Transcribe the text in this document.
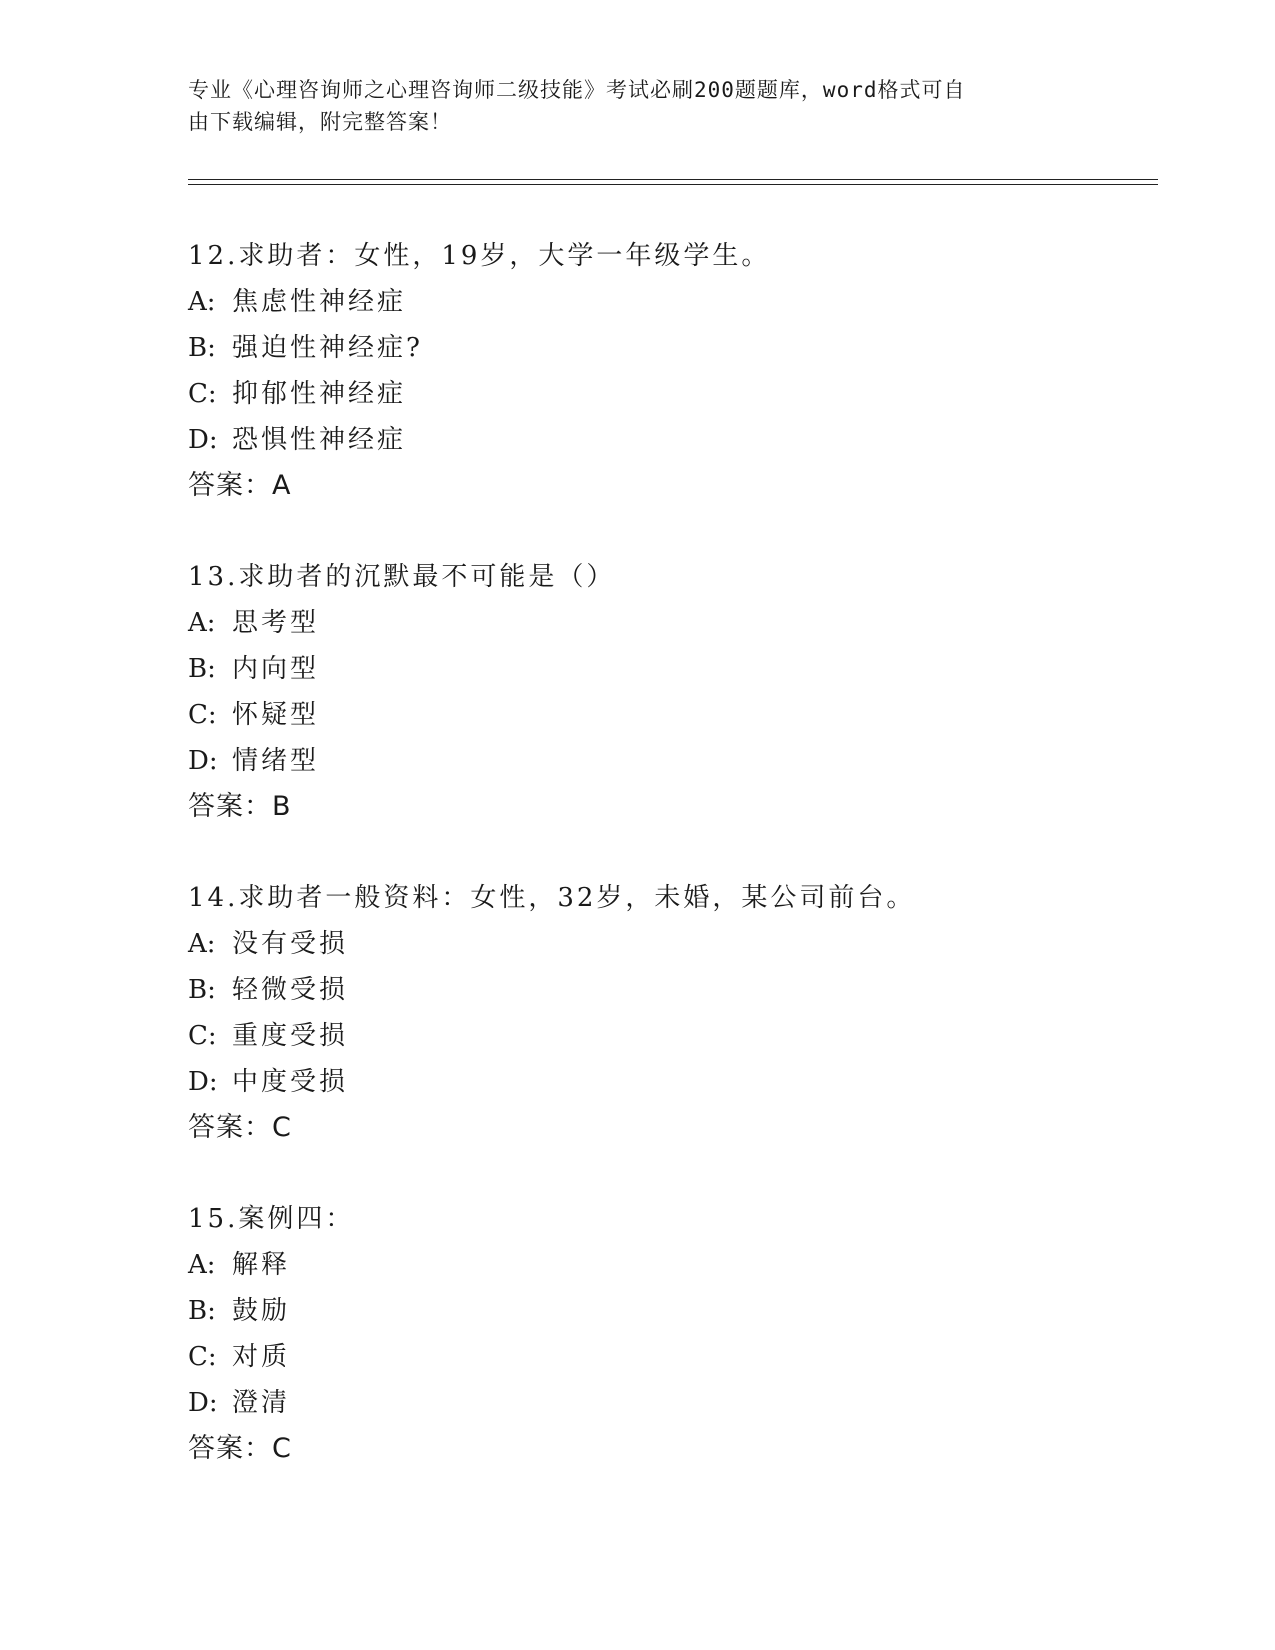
专业《心理咨询师之心理咨询师二级技能》考试必刷200题题库，word格式可自
由下载编辑，附完整答案！
12.求助者：女性，19岁，大学一年级学生。
A: 焦虑性神经症
B: 强迫性神经症?
C: 抑郁性神经症
D: 恐惧性神经症
答案：A
13.求助者的沉默最不可能是（）
A: 思考型
B: 内向型
C: 怀疑型
D: 情绪型
答案：B
14.求助者一般资料：女性，32岁，未婚，某公司前台。
A: 没有受损
B: 轻微受损
C: 重度受损
D: 中度受损
答案：C
15.案例四：
A: 解释
B: 鼓励
C: 对质
D: 澄清
答案：C
